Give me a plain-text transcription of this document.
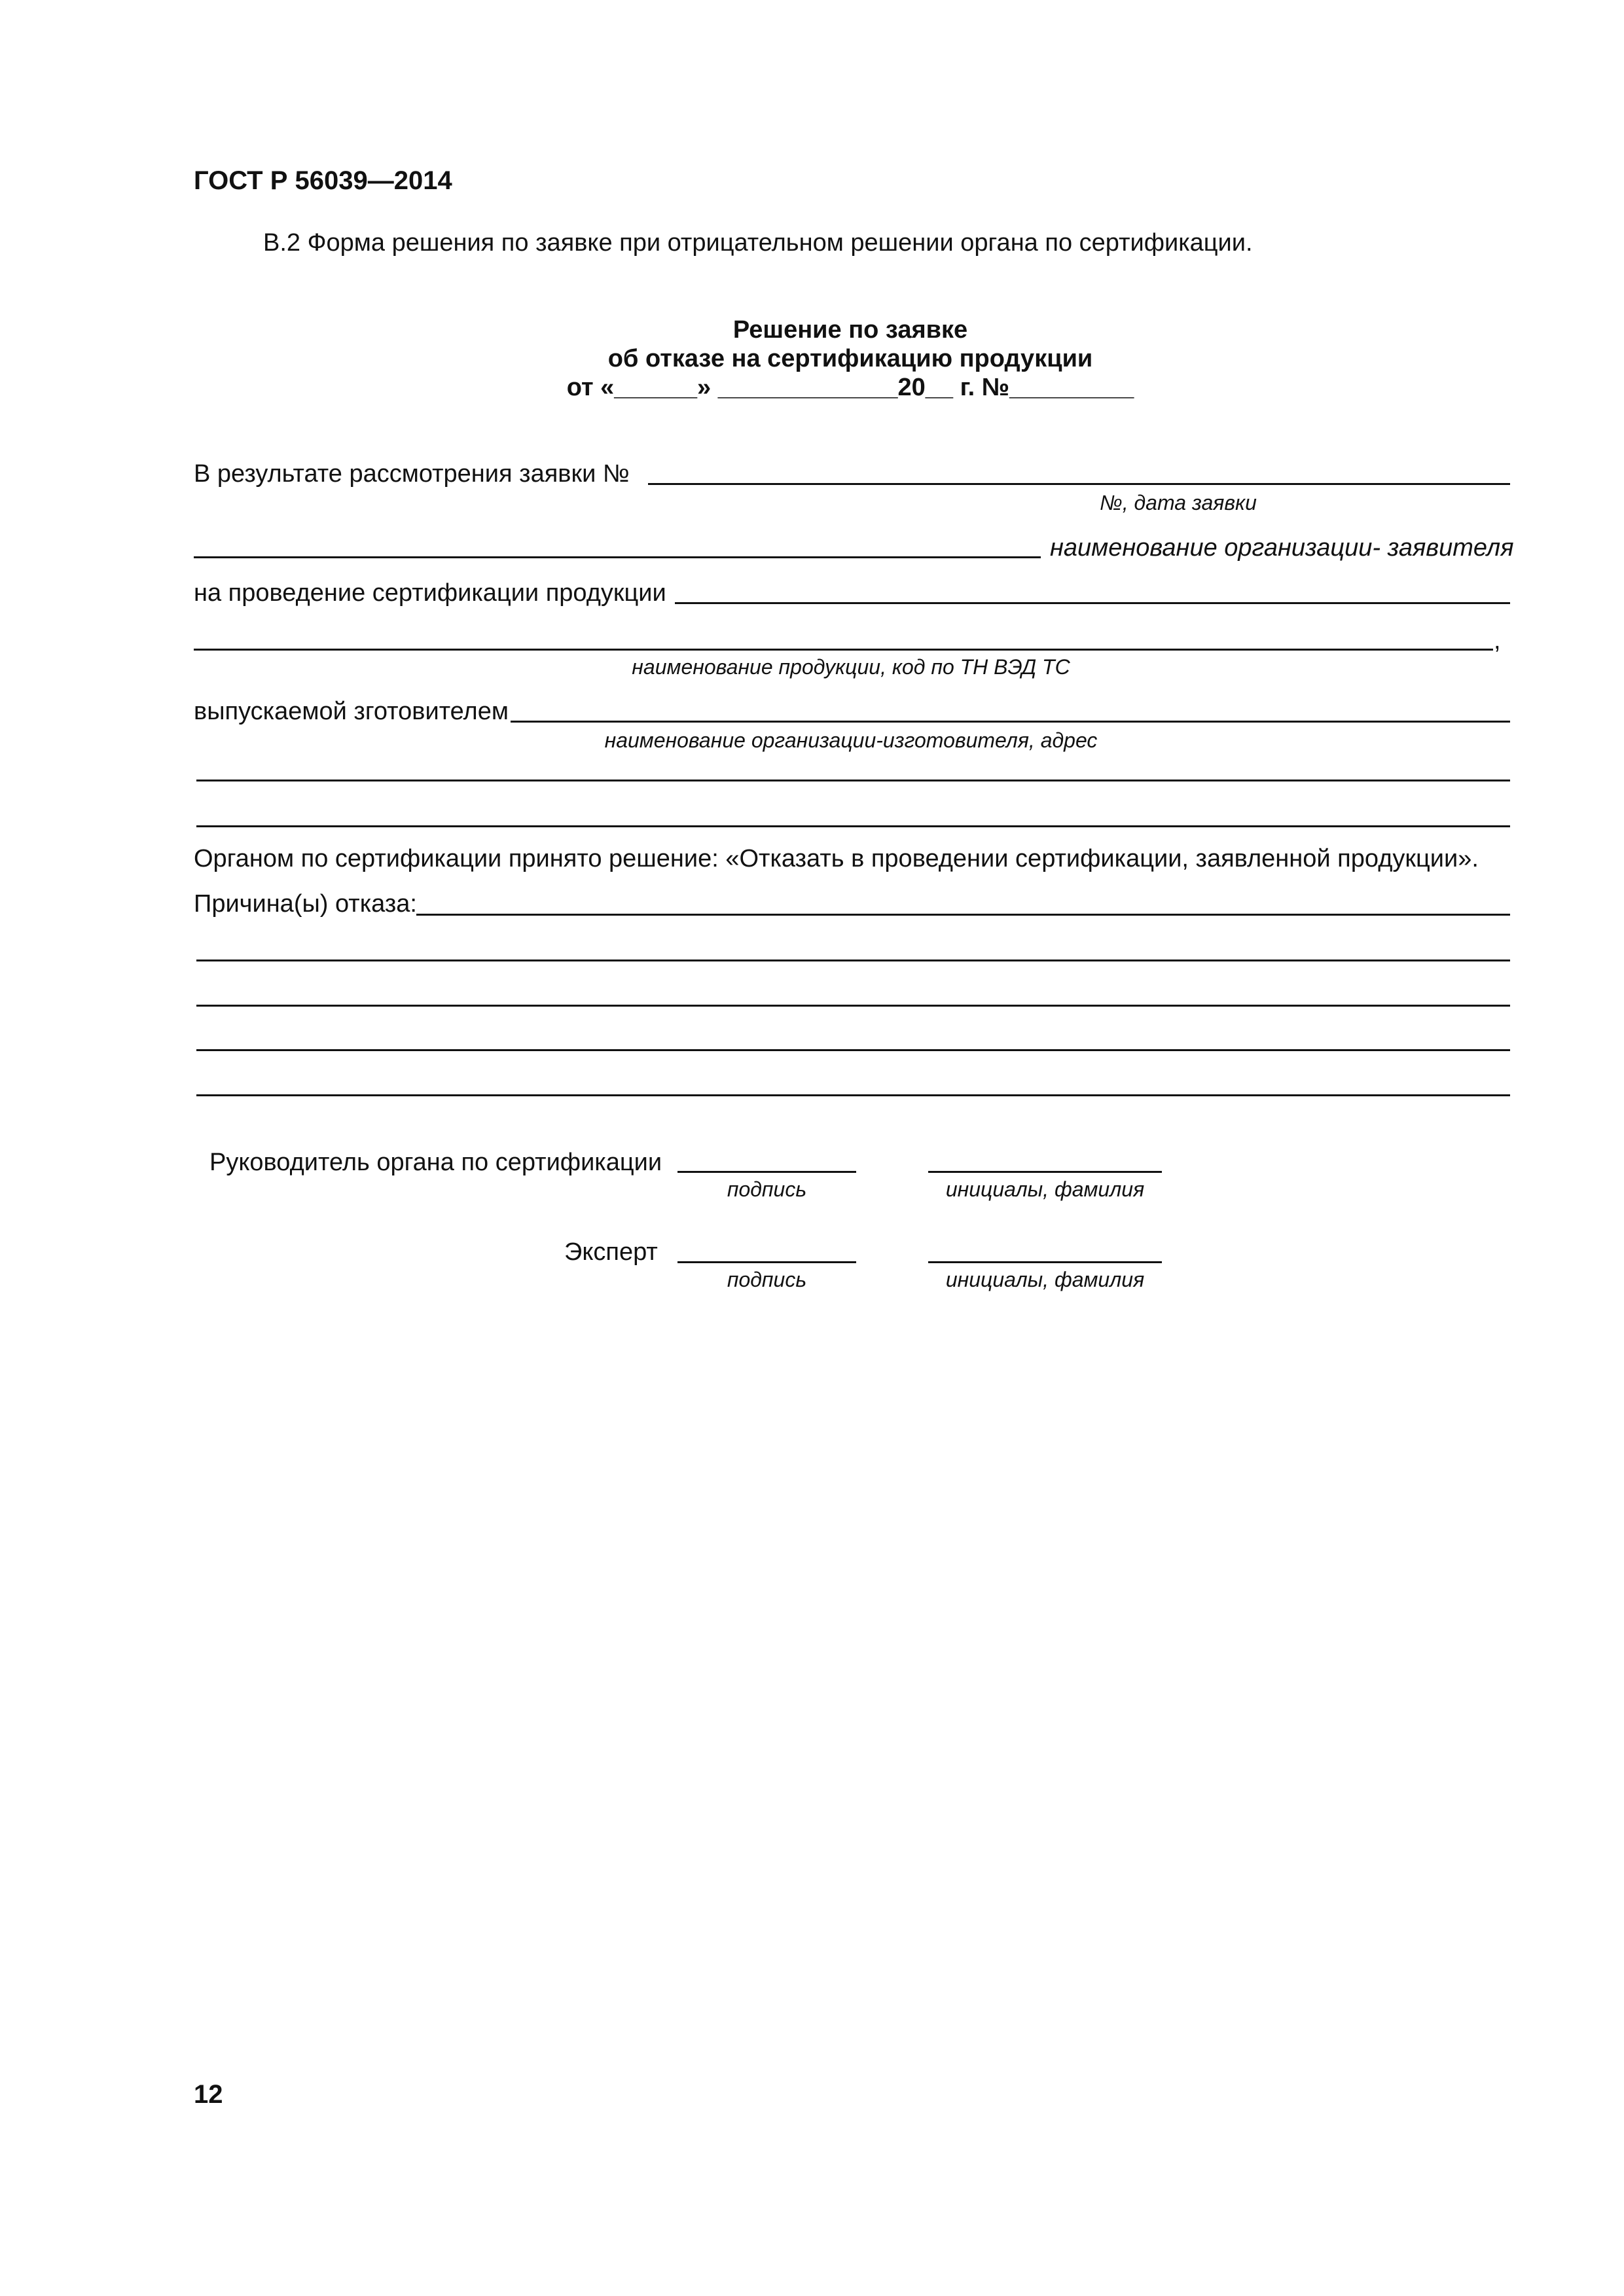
ГОСТ Р 56039—2014
В.2 Форма решения по заявке при отрицательном решении органа по сертификации.
Решение по заявке
об отказе на сертификацию продукции
от «______» _____________20__ г. №_________
В результате рассмотрения заявки №
№, дата заявки
наименование организации- заявителя
на проведение сертификации продукции
,
наименование продукции, код по ТН ВЭД ТС
выпускаемой зготовителем
наименование организации-изготовителя, адрес
Органом по сертификации принято решение: «Отказать в проведении сертификации, заявленной продукции».
Причина(ы) отказа:
Руководитель органа по сертификации
подпись	инициалы, фамилия
Эксперт
подпись	инициалы, фамилия
12
